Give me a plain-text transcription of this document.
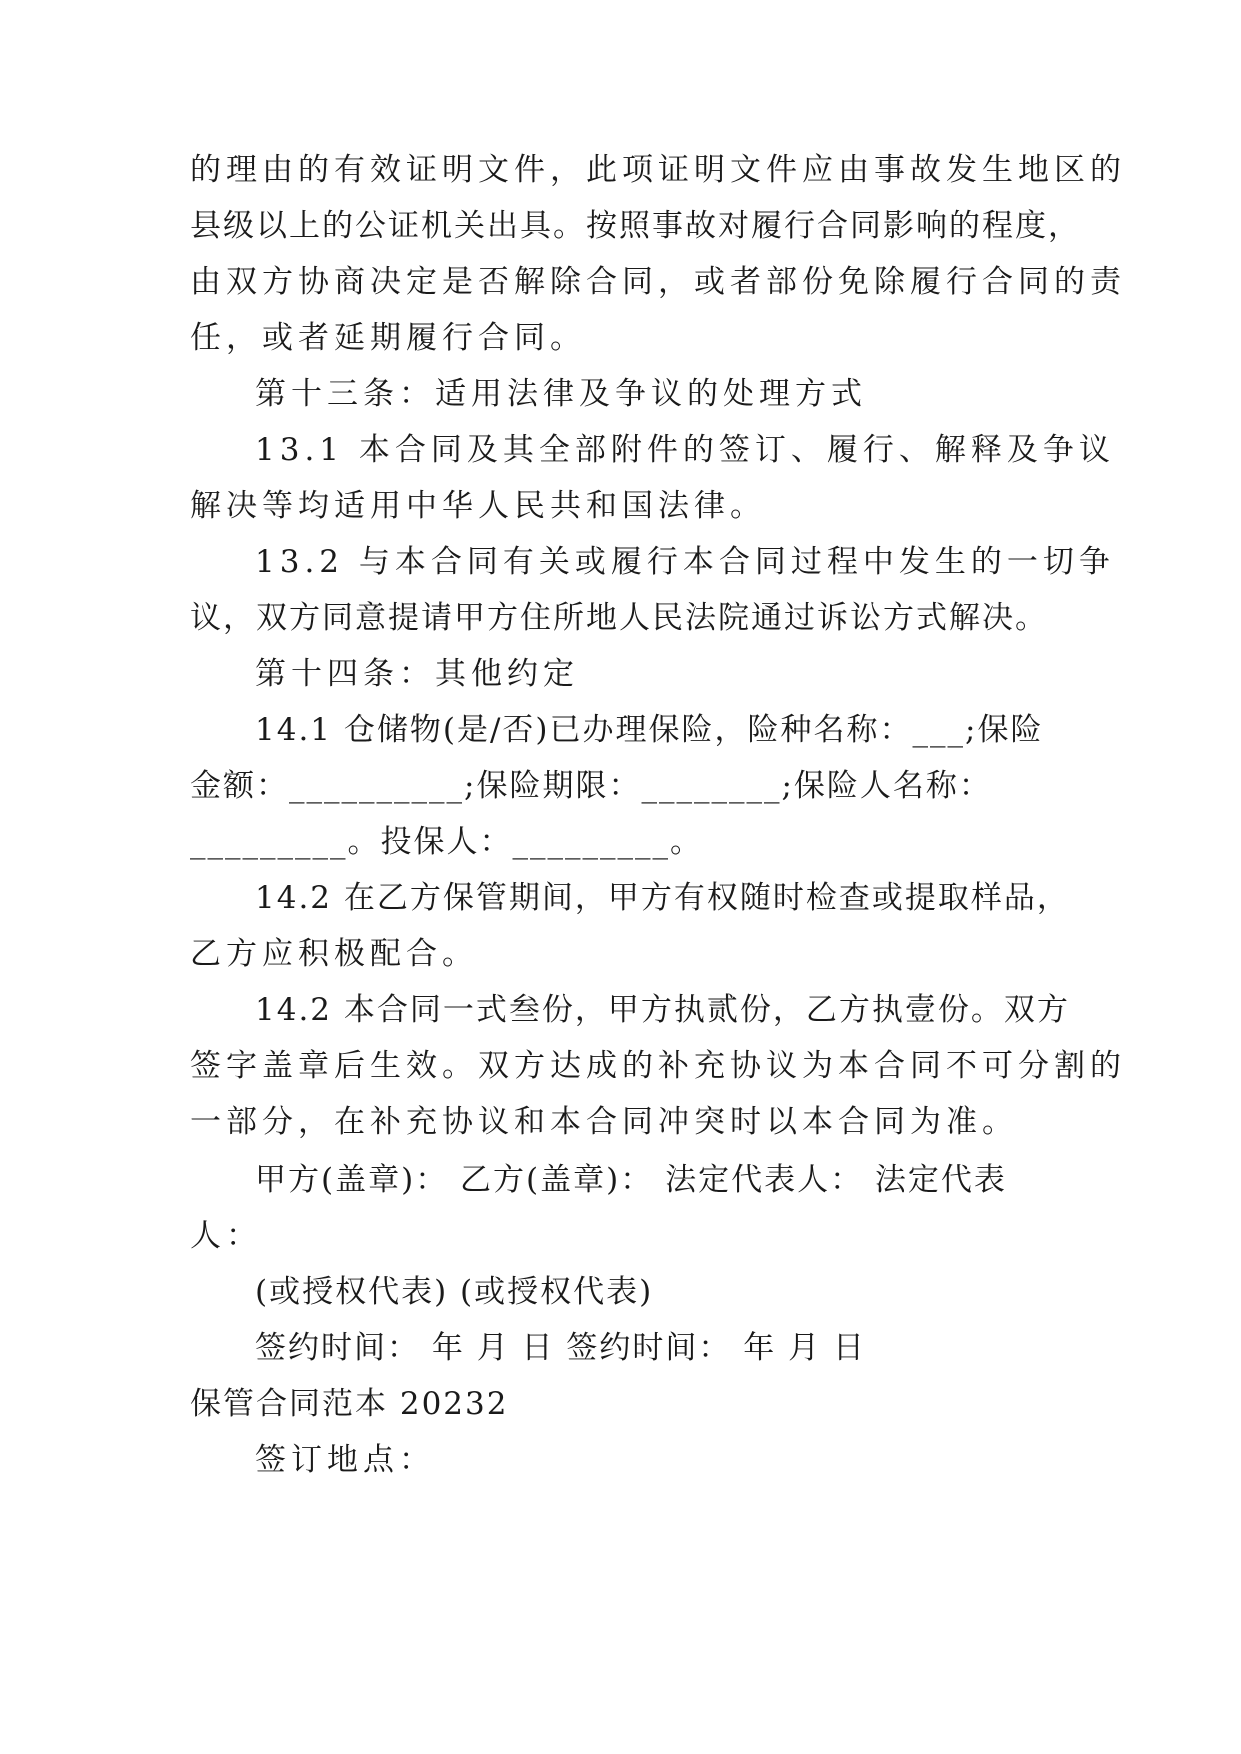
的理由的有效证明文件，此项证明文件应由事故发生地区的
县级以上的公证机关出具。按照事故对履行合同影响的程度，
由双方协商决定是否解除合同，或者部份免除履行合同的责
任，或者延期履行合同。
第十三条：适用法律及争议的处理方式
13.1 本合同及其全部附件的签订、履行、解释及争议
解决等均适用中华人民共和国法律。
13.2 与本合同有关或履行本合同过程中发生的一切争
议，双方同意提请甲方住所地人民法院通过诉讼方式解决。
第十四条：其他约定
14.1 仓储物(是/否)已办理保险，险种名称：___;保险
金额：__________;保险期限：________;保险人名称：
_________。投保人：_________。
14.2 在乙方保管期间，甲方有权随时检查或提取样品，
乙方应积极配合。
14.2 本合同一式叁份，甲方执贰份，乙方执壹份。双方
签字盖章后生效。双方达成的补充协议为本合同不可分割的
一部分，在补充协议和本合同冲突时以本合同为准。
甲方(盖章)： 乙方(盖章)： 法定代表人： 法定代表
人：
(或授权代表) (或授权代表)
签约时间： 年 月 日 签约时间： 年 月 日
保管合同范本 20232
签订地点：
